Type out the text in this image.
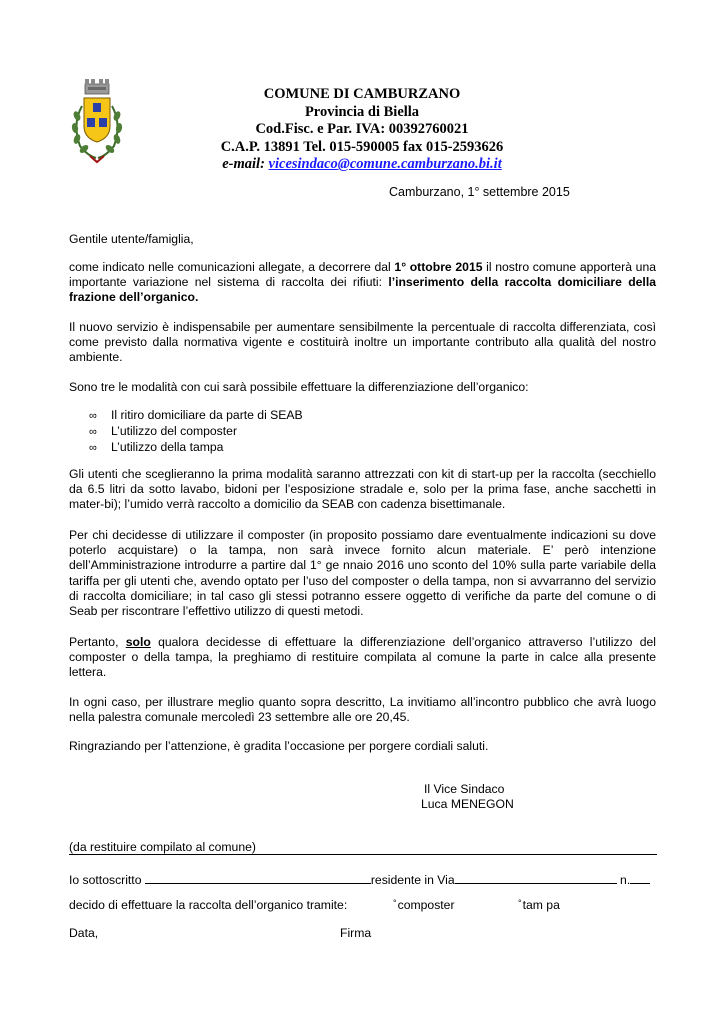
COMUNE DI CAMBURZANO
Provincia di Biella
Cod.Fisc. e Par. IVA: 00392760021
C.A.P. 13891 Tel. 015-590005 fax 015-2593626
e-mail: vicesindaco@comune.camburzano.bi.it
Camburzano, 1° settembre 2015

Gentile utente/famiglia,

come indicato nelle comunicazioni allegate, a decorrere dal 1° ottobre 2015 il nostro comune apporterà una importante variazione nel sistema di raccolta dei rifiuti: l’inserimento della raccolta domiciliare della frazione dell’organico.

Il nuovo servizio è indispensabile per aumentare sensibilmente la percentuale di raccolta differenziata, così come previsto dalla normativa vigente e costituirà inoltre un importante contributo alla qualità del nostro ambiente.

Sono tre le modalità con cui sarà possibile effettuare la differenziazione dell’organico:

∞	Il ritiro domiciliare da parte di SEAB
∞	L’utilizzo del composter
∞	L’utilizzo della tampa

Gli utenti che sceglieranno la prima modalità saranno attrezzati con kit di start-up per la raccolta (secchiello da 6.5 litri da sotto lavabo, bidoni per l’esposizione stradale e, solo per la prima fase, anche sacchetti in mater-bi); l’umido verrà raccolto a domicilio da SEAB con cadenza bisettimanale.

Per chi decidesse di utilizzare il composter (in proposito possiamo dare eventualmente indicazioni su dove poterlo acquistare) o la tampa, non sarà invece fornito alcun materiale. E’ però intenzione dell’Amministrazione introdurre a partire dal 1° ge nnaio 2016 uno sconto del 10% sulla parte variabile della tariffa per gli utenti che, avendo optato per l’uso del composter o della tampa, non si avvarranno del servizio di raccolta domiciliare; in tal caso gli stessi potranno essere oggetto di verifiche da parte del comune o di Seab per riscontrare l’effettivo utilizzo di questi metodi.

Pertanto, solo qualora decidesse di effettuare la differenziazione dell’organico attraverso l’utilizzo del composter o della tampa, la preghiamo di restituire compilata al comune la parte in calce alla presente lettera.

In ogni caso, per illustrare meglio quanto sopra descritto, La invitiamo all’incontro pubblico che avrà luogo nella palestra comunale mercoledì 23 settembre alle ore 20,45.

Ringraziando per l’attenzione, è gradita l’occasione per porgere cordiali saluti.

Il Vice Sindaco
Luca MENEGON
(da restituire compilato al comune)
Io sottoscritto	residente in Via	n.
decido di effettuare la raccolta dell’organico tramite:	°composter	°tam pa
Data,	Firma
